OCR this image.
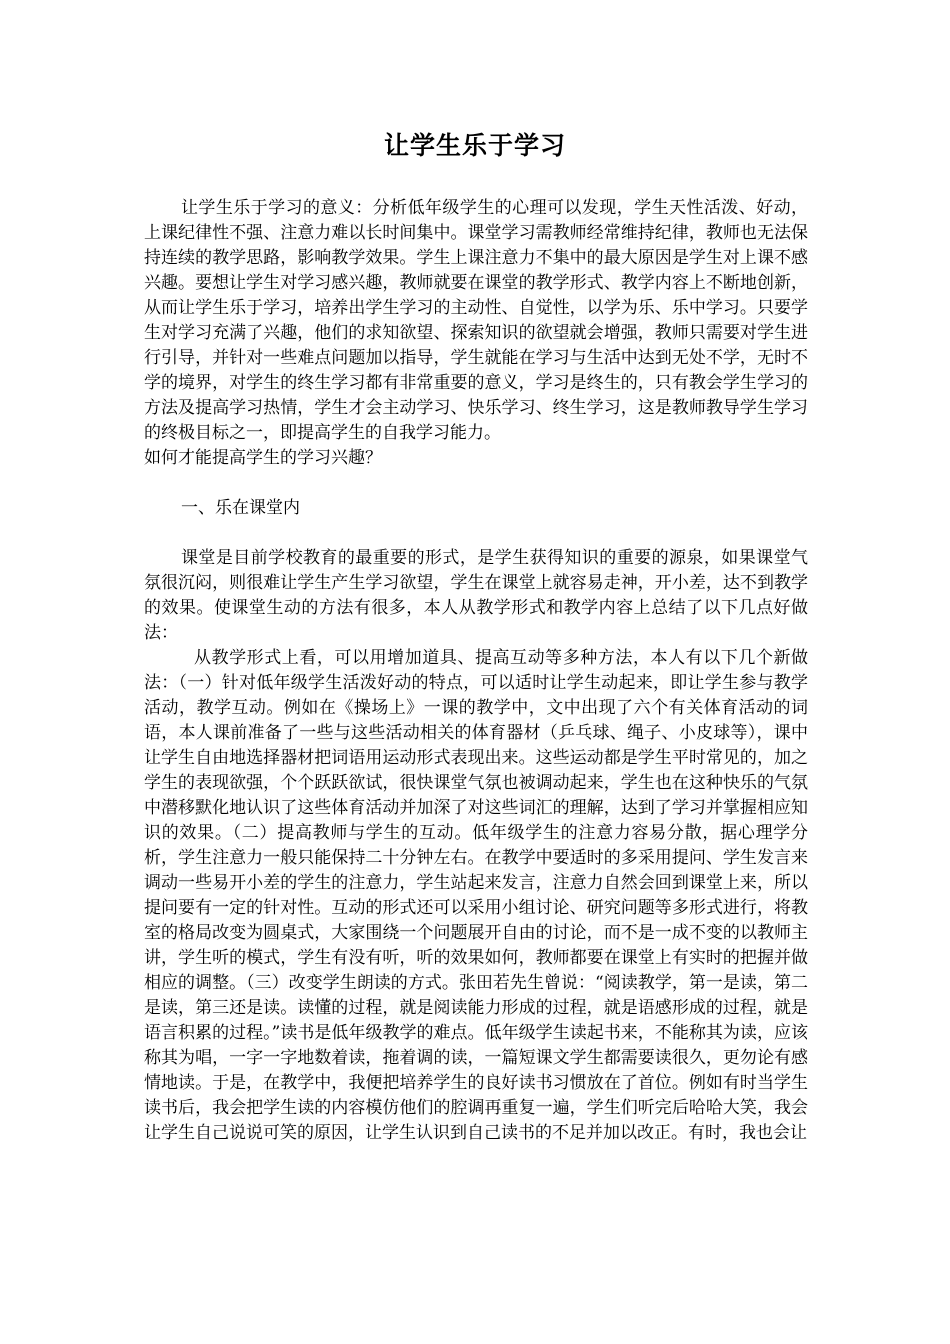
让学生乐于学习

让学生乐于学习的意义：分析低年级学生的心理可以发现，学生天性活泼、好动，上课纪律性不强、注意力难以长时间集中。课堂学习需教师经常维持纪律，教师也无法保持连续的教学思路，影响教学效果。学生上课注意力不集中的最大原因是学生对上课不感兴趣。要想让学生对学习感兴趣，教师就要在课堂的教学形式、教学内容上不断地创新，从而让学生乐于学习，培养出学生学习的主动性、自觉性，以学为乐、乐中学习。只要学生对学习充满了兴趣，他们的求知欲望、探索知识的欲望就会增强，教师只需要对学生进行引导，并针对一些难点问题加以指导，学生就能在学习与生活中达到无处不学，无时不学的境界，对学生的终生学习都有非常重要的意义，学习是终生的，只有教会学生学习的方法及提高学习热情，学生才会主动学习、快乐学习、终生学习，这是教师教导学生学习的终极目标之一，即提高学生的自我学习能力。

如何才能提高学生的学习兴趣？

一、乐在课堂内

课堂是目前学校教育的最重要的形式，是学生获得知识的重要的源泉，如果课堂气氛很沉闷，则很难让学生产生学习欲望，学生在课堂上就容易走神，开小差，达不到教学的效果。使课堂生动的方法有很多，本人从教学形式和教学内容上总结了以下几点好做法：

从教学形式上看，可以用增加道具、提高互动等多种方法，本人有以下几个新做法：（一）针对低年级学生活泼好动的特点，可以适时让学生动起来，即让学生参与教学活动，教学互动。例如在《操场上》一课的教学中，文中出现了六个有关体育活动的词语，本人课前准备了一些与这些活动相关的体育器材（乒乓球、绳子、小皮球等），课中让学生自由地选择器材把词语用运动形式表现出来。这些运动都是学生平时常见的，加之学生的表现欲强，个个跃跃欲试，很快课堂气氛也被调动起来，学生也在这种快乐的气氛中潜移默化地认识了这些体育活动并加深了对这些词汇的理解，达到了学习并掌握相应知识的效果。（二）提高教师与学生的互动。低年级学生的注意力容易分散，据心理学分析，学生注意力一般只能保持二十分钟左右。在教学中要适时的多采用提问、学生发言来调动一些易开小差的学生的注意力，学生站起来发言，注意力自然会回到课堂上来，所以提问要有一定的针对性。互动的形式还可以采用小组讨论、研究问题等多形式进行，将教室的格局改变为圆桌式，大家围绕一个问题展开自由的讨论，而不是一成不变的以教师主讲，学生听的模式，学生有没有听，听的效果如何，教师都要在课堂上有实时的把握并做相应的调整。（三）改变学生朗读的方式。张田若先生曾说：“阅读教学，第一是读，第二是读，第三还是读。读懂的过程，就是阅读能力形成的过程，就是语感形成的过程，就是语言积累的过程。”读书是低年级教学的难点。低年级学生读起书来，不能称其为读，应该称其为唱，一字一字地数着读，拖着调的读，一篇短课文学生都需要读很久，更勿论有感情地读。于是，在教学中，我便把培养学生的良好读书习惯放在了首位。例如有时当学生读书后，我会把学生读的内容模仿他们的腔调再重复一遍，学生们听完后哈哈大笑，我会让学生自己说说可笑的原因，让学生认识到自己读书的不足并加以改正。有时，我也会让
